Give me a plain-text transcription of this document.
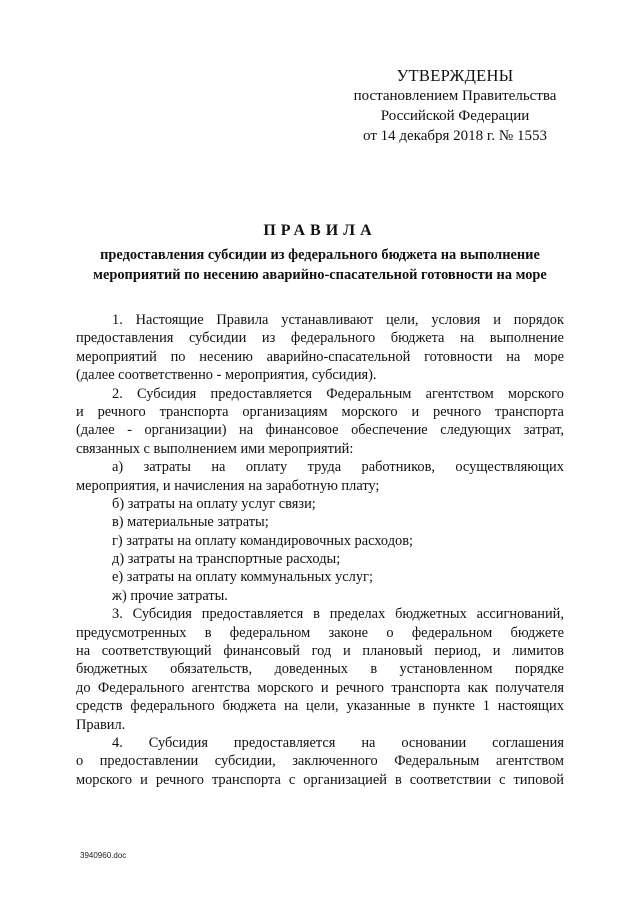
УТВЕРЖДЕНЫ
постановлением Правительства
Российской Федерации
от 14 декабря 2018 г. № 1553
ПРАВИЛА
предоставления субсидии из федерального бюджета на выполнение
мероприятий по несению аварийно-спасательной готовности на море
1. Настоящие Правила устанавливают цели, условия и порядок
предоставления субсидии из федерального бюджета на выполнение
мероприятий по несению аварийно-спасательной готовности на море
(далее соответственно - мероприятия, субсидия).
2. Субсидия предоставляется Федеральным агентством морского
и речного транспорта организациям морского и речного транспорта
(далее - организации) на финансовое обеспечение следующих затрат,
связанных с выполнением ими мероприятий:
а) затраты на оплату труда работников, осуществляющих
мероприятия, и начисления на заработную плату;
б) затраты на оплату услуг связи;
в) материальные затраты;
г) затраты на оплату командировочных расходов;
д) затраты на транспортные расходы;
е) затраты на оплату коммунальных услуг;
ж) прочие затраты.
3. Субсидия предоставляется в пределах бюджетных ассигнований,
предусмотренных в федеральном законе о федеральном бюджете
на соответствующий финансовый год и плановый период, и лимитов
бюджетных обязательств, доведенных в установленном порядке
до Федерального агентства морского и речного транспорта как получателя
средств федерального бюджета на цели, указанные в пункте 1 настоящих
Правил.
4. Субсидия предоставляется на основании соглашения
о предоставлении субсидии, заключенного Федеральным агентством
морского и речного транспорта с организацией в соответствии с типовой
3940960.doc
